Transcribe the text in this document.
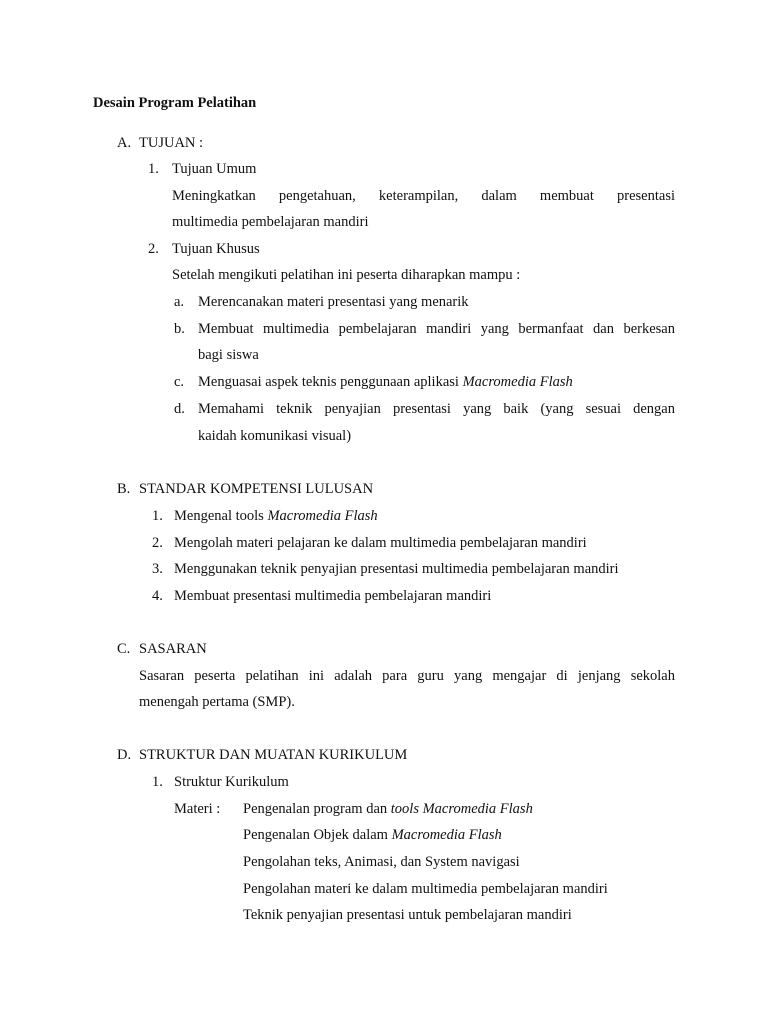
Desain Program Pelatihan
A. TUJUAN :
1. Tujuan Umum
Meningkatkan pengetahuan, keterampilan, dalam membuat presentasi
multimedia pembelajaran mandiri
2. Tujuan Khusus
Setelah mengikuti pelatihan ini peserta diharapkan mampu :
a. Merencanakan materi presentasi yang menarik
b. Membuat multimedia pembelajaran mandiri yang bermanfaat dan berkesan
bagi siswa
c. Menguasai aspek teknis penggunaan aplikasi Macromedia Flash
d. Memahami teknik penyajian presentasi yang baik (yang sesuai dengan
kaidah komunikasi visual)
B. STANDAR KOMPETENSI LULUSAN
1. Mengenal tools Macromedia Flash
2. Mengolah materi pelajaran ke dalam multimedia pembelajaran mandiri
3. Menggunakan teknik penyajian presentasi multimedia pembelajaran mandiri
4. Membuat presentasi multimedia pembelajaran mandiri
C. SASARAN
Sasaran peserta pelatihan ini adalah para guru yang mengajar di jenjang sekolah
menengah pertama (SMP).
D. STRUKTUR DAN MUATAN KURIKULUM
1. Struktur Kurikulum
Materi : Pengenalan program dan tools Macromedia Flash
Pengenalan Objek dalam Macromedia Flash
Pengolahan teks, Animasi, dan System navigasi
Pengolahan materi ke dalam multimedia pembelajaran mandiri
Teknik penyajian presentasi untuk pembelajaran mandiri
